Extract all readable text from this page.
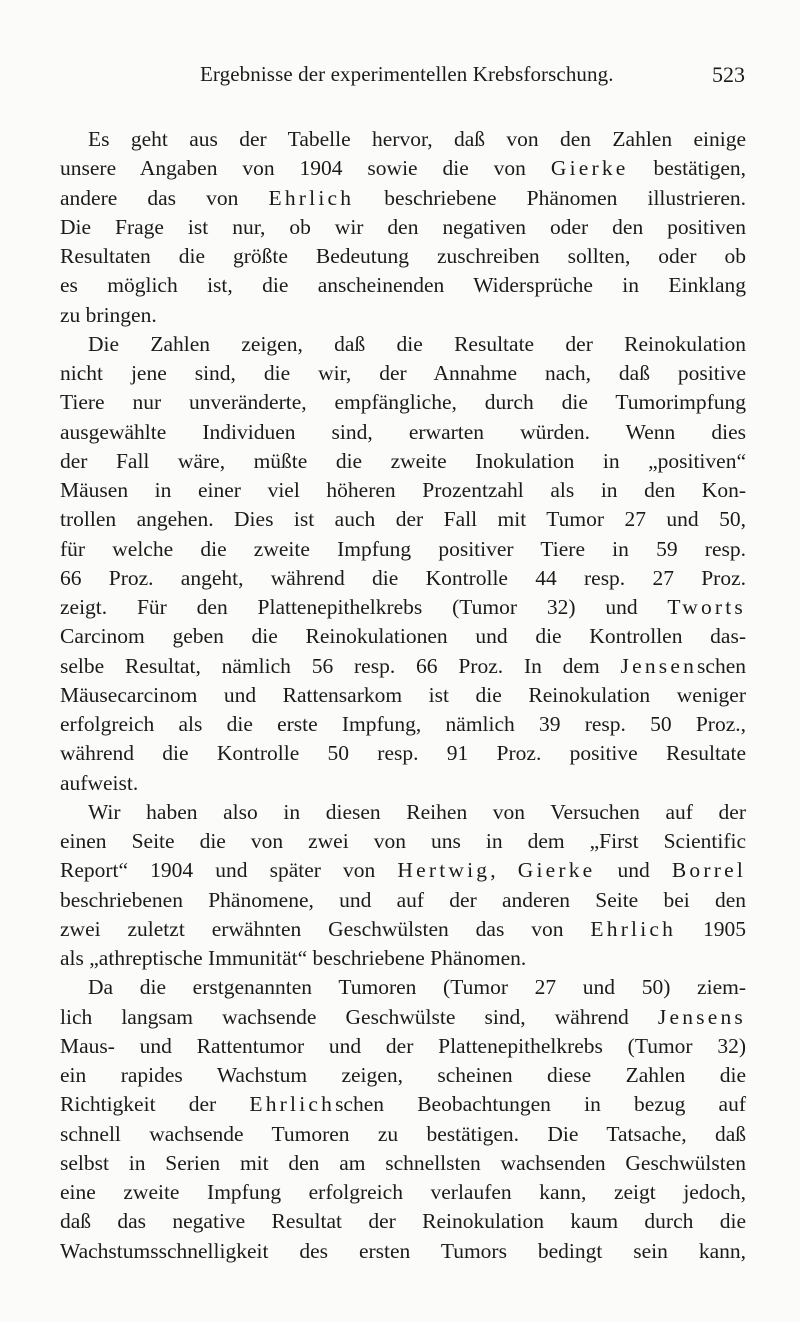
Ergebnisse der experimentellen Krebsforschung.	523
Es geht aus der Tabelle hervor, daß von den Zahlen einige
unsere Angaben von 1904 sowie die von Gierke bestätigen,
andere das von Ehrlich beschriebene Phänomen illustrieren.
Die Frage ist nur, ob wir den negativen oder den positiven
Resultaten die größte Bedeutung zuschreiben sollten, oder ob
es möglich ist, die anscheinenden Widersprüche in Einklang
zu bringen.
Die Zahlen zeigen, daß die Resultate der Reinokulation
nicht jene sind, die wir, der Annahme nach, daß positive
Tiere nur unveränderte, empfängliche, durch die Tumorimpfung
ausgewählte Individuen sind, erwarten würden. Wenn dies
der Fall wäre, müßte die zweite Inokulation in „positiven“
Mäusen in einer viel höheren Prozentzahl als in den Kon-
trollen angehen. Dies ist auch der Fall mit Tumor 27 und 50,
für welche die zweite Impfung positiver Tiere in 59 resp.
66 Proz. angeht, während die Kontrolle 44 resp. 27 Proz.
zeigt. Für den Plattenepithelkrebs (Tumor 32) und Tworts
Carcinom geben die Reinokulationen und die Kontrollen das-
selbe Resultat, nämlich 56 resp. 66 Proz. In dem Jensenschen
Mäusecarcinom und Rattensarkom ist die Reinokulation weniger
erfolgreich als die erste Impfung, nämlich 39 resp. 50 Proz.,
während die Kontrolle 50 resp. 91 Proz. positive Resultate
aufweist.
Wir haben also in diesen Reihen von Versuchen auf der
einen Seite die von zwei von uns in dem „First Scientific
Report“ 1904 und später von Hertwig, Gierke und Borrel
beschriebenen Phänomene, und auf der anderen Seite bei den
zwei zuletzt erwähnten Geschwülsten das von Ehrlich 1905
als „athreptische Immunität“ beschriebene Phänomen.
Da die erstgenannten Tumoren (Tumor 27 und 50) ziem-
lich langsam wachsende Geschwülste sind, während Jensens
Maus- und Rattentumor und der Plattenepithelkrebs (Tumor 32)
ein rapides Wachstum zeigen, scheinen diese Zahlen die
Richtigkeit der Ehrlichschen Beobachtungen in bezug auf
schnell wachsende Tumoren zu bestätigen. Die Tatsache, daß
selbst in Serien mit den am schnellsten wachsenden Geschwülsten
eine zweite Impfung erfolgreich verlaufen kann, zeigt jedoch,
daß das negative Resultat der Reinokulation kaum durch die
Wachstumsschnelligkeit des ersten Tumors bedingt sein kann,
